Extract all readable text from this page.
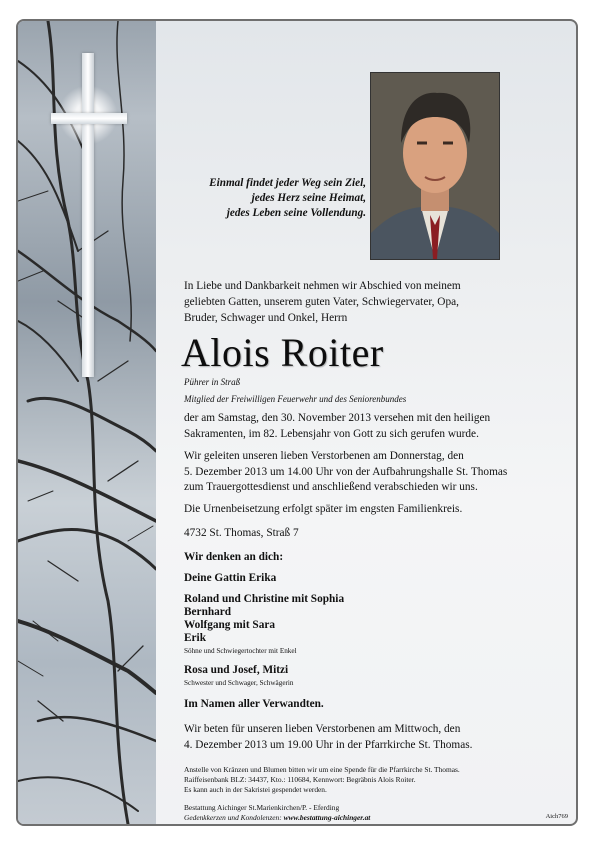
Einmal findet jeder Weg sein Ziel,
jedes Herz seine Heimat,
jedes Leben seine Vollendung.
In Liebe und Dankbarkeit nehmen wir Abschied von meinem
geliebten Gatten, unserem guten Vater, Schwiegervater, Opa,
Bruder, Schwager und Onkel, Herrn
Alois Roiter
Pührer in Straß
Mitglied der Freiwilligen Feuerwehr und des Seniorenbundes
der am Samstag, den 30. November 2013 versehen mit den heiligen
Sakramenten, im 82. Lebensjahr von Gott zu sich gerufen wurde.
Wir geleiten unseren lieben Verstorbenen am Donnerstag, den
5. Dezember 2013 um 14.00 Uhr von der Aufbahrungshalle St. Thomas
zum Trauergottesdienst und anschließend verabschieden wir uns.
Die Urnenbeisetzung erfolgt später im engsten Familienkreis.
4732 St. Thomas, Straß 7
Wir denken an dich:
Deine Gattin Erika
Roland und Christine mit Sophia
Bernhard
Wolfgang mit Sara
Erik
Söhne und Schwiegertochter mit Enkel
Rosa und Josef, Mitzi
Schwester und Schwager, Schwägerin
Im Namen aller Verwandten.
Wir beten für unseren lieben Verstorbenen am Mittwoch, den
4. Dezember 2013 um 19.00 Uhr in der Pfarrkirche St. Thomas.
Anstelle von Kränzen und Blumen bitten wir um eine Spende für die Pfarrkirche St. Thomas.
Raiffeisenbank BLZ: 34437, Kto.: 110684, Kennwort: Begräbnis Alois Roiter.
Es kann auch in der Sakristei gespendet werden.
Bestattung Aichinger St.Marienkirchen/P. - Eferding
Gedenkkerzen und Kondolenzen: www.bestattung-aichinger.at	Aich769
